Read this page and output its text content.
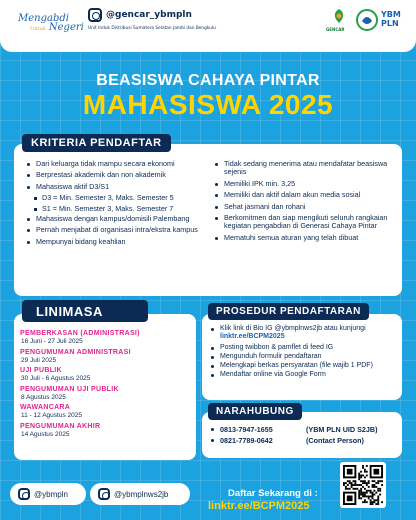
Mengabdi
Untuk Negeri
@gencar_ybmpln
Unit Induk Distribusi Sumatera Selatan Jambi dan Bengkulu	GENCAR
YBM
PLN
BEASISWA CAHAYA PINTAR
MAHASISWA 2025
KRITERIA PENDAFTAR
Dari keluarga tidak mampu secara ekonomi
Berprestasi akademik dan non akademik
Mahasiswa aktif D3/S1
D3 = Min. Semester 3, Maks. Semester 5
S1 = Min. Semester 3, Maks. Semester 7
Mahasiswa dengan kampus/domisili Palembang
Pernah menjabat di organisasi intra/ekstra kampus
Mempunyai bidang keahlian
Tidak sedang menerima atau mendafatar beasiswa sejenis
Memiliki IPK min. 3,25
Memiliki dan aktif dalam akun media sosial
Sehat jasmani dan rohani
Berkomitmen dan siap mengikuti seluruh rangkaian kegiatan pengabdian di Generasi Cahaya Pintar
Mematuhi semua aturan yang telah dibuat
LINIMASA
PEMBERKASAN (ADMINISTRASI)
16 Juni - 27 Juli 2025
PENGUMUMAN ADMINISTRASI
29 Juli 2025
UJI PUBLIK
30 Juli - 6 Agustus 2025
PENGUMUMAN UJI PUBLIK
8 Agustus 2025
WAWANCARA
11 - 12 Agustus 2025
PENGUMUMAN AKHIR
14 Agustus 2025
PROSEDUR PENDAFTARAN
Klik link di Bio IG @ybmplnws2jb atau kunjungi linktr.ee/BCPM2025
Posting twibbon & pamflet di feed IG
Mengunduh formulir pendaftaran
Melengkapi berkas persyaratan (file wajib 1 PDF)
Mendaftar online via Google Form
NARAHUBUNG
0813-7947-1655	(YBM PLN UID S2JB)
0821-7789-0642	(Contact Person)
@ybmpln	@ybmplnws2jb	Daftar Sekarang di :
linktr.ee/BCPM2025
